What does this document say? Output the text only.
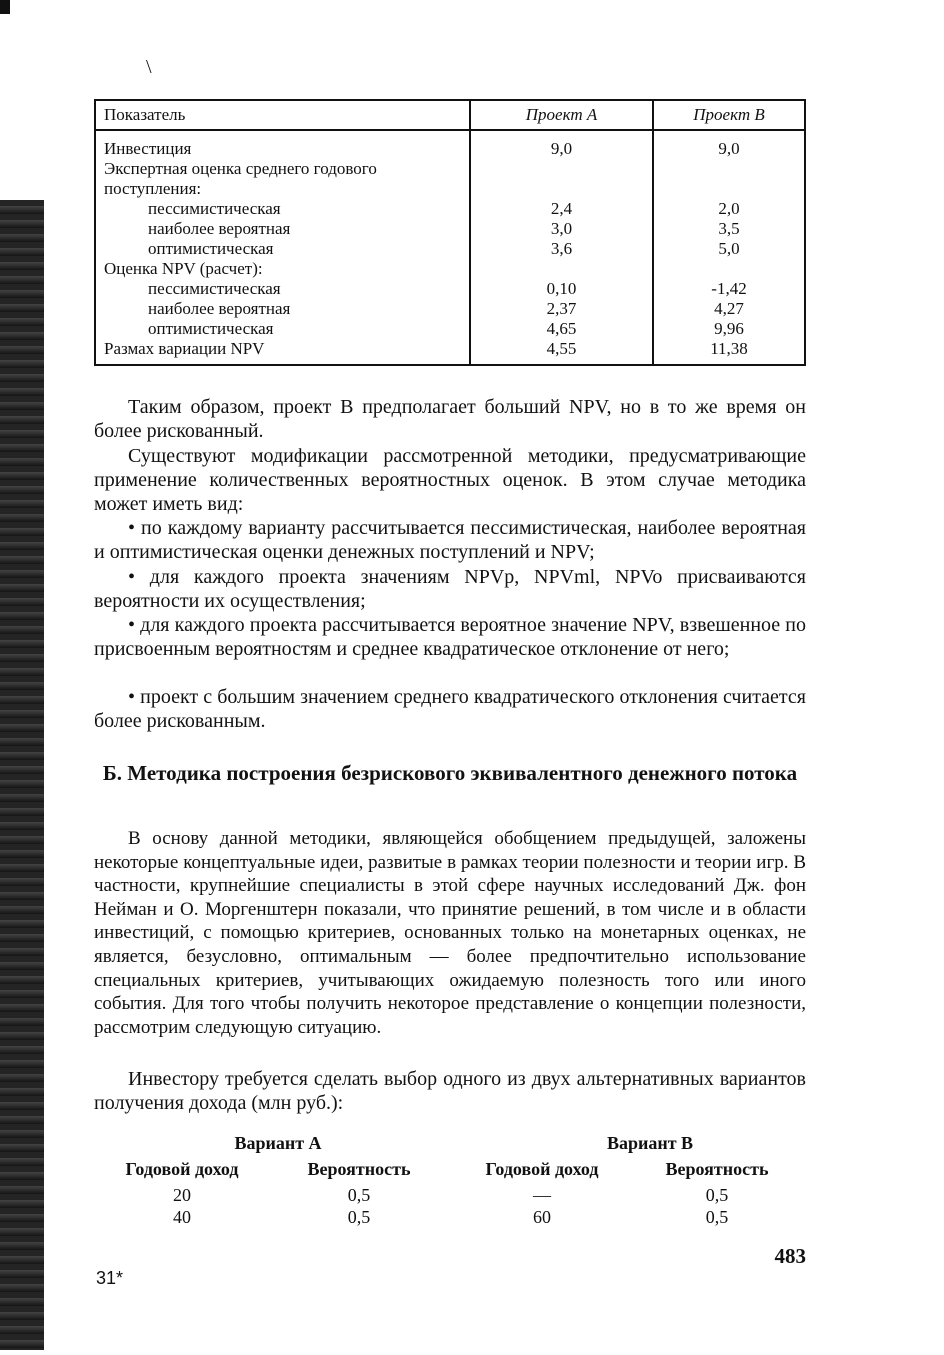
\
Показатель	Проект А	Проект В
Инвестиция	9,0	9,0
Экспертная оценка среднего годового поступления:		
пессимистическая	2,4	2,0
наиболее вероятная	3,0	3,5
оптимистическая	3,6	5,0
Оценка NPV (расчет):		
пессимистическая	0,10	-1,42
наиболее вероятная	2,37	4,27
оптимистическая	4,65	9,96
Размах вариации NPV	4,55	11,38

Таким образом, проект В предполагает больший NPV, но в то же время он более рискованный.

Существуют модификации рассмотренной методики, предусматривающие применение количественных вероятностных оценок. В этом случае методика может иметь вид:

• по каждому варианту рассчитывается пессимистическая, наиболее вероятная и оптимистическая оценки денежных поступлений и NPV;

• для каждого проекта значениям NPVp, NPVml, NPVo присваиваются вероятности их осуществления;

• для каждого проекта рассчитывается вероятное значение NPV, взвешенное по присвоенным вероятностям и среднее квадратическое отклонение от него;

• проект с большим значением среднего квадратического отклонения считается более рискованным.

Б. Методика построения безрискового эквивалентного денежного потока

В основу данной методики, являющейся обобщением предыдущей, заложены некоторые концептуальные идеи, развитые в рамках теории полезности и теории игр. В частности, крупнейшие специалисты в этой сфере научных исследований Дж. фон Нейман и О. Моргенштерн показали, что принятие решений, в том числе и в области инвестиций, с помощью критериев, основанных только на монетарных оценках, не является, безусловно, оптимальным — более предпочтительно использование специальных критериев, учитывающих ожидаемую полезность того или иного события. Для того чтобы получить некоторое представление о концепции полезности, рассмотрим следующую ситуацию.

Инвестору требуется сделать выбор одного из двух альтернативных вариантов получения дохода (млн руб.):

Вариант А	Вариант В
Годовой доход	Вероятность	Годовой доход	Вероятность
20	0,5	—	0,5
40	0,5	60	0,5
483
31*
